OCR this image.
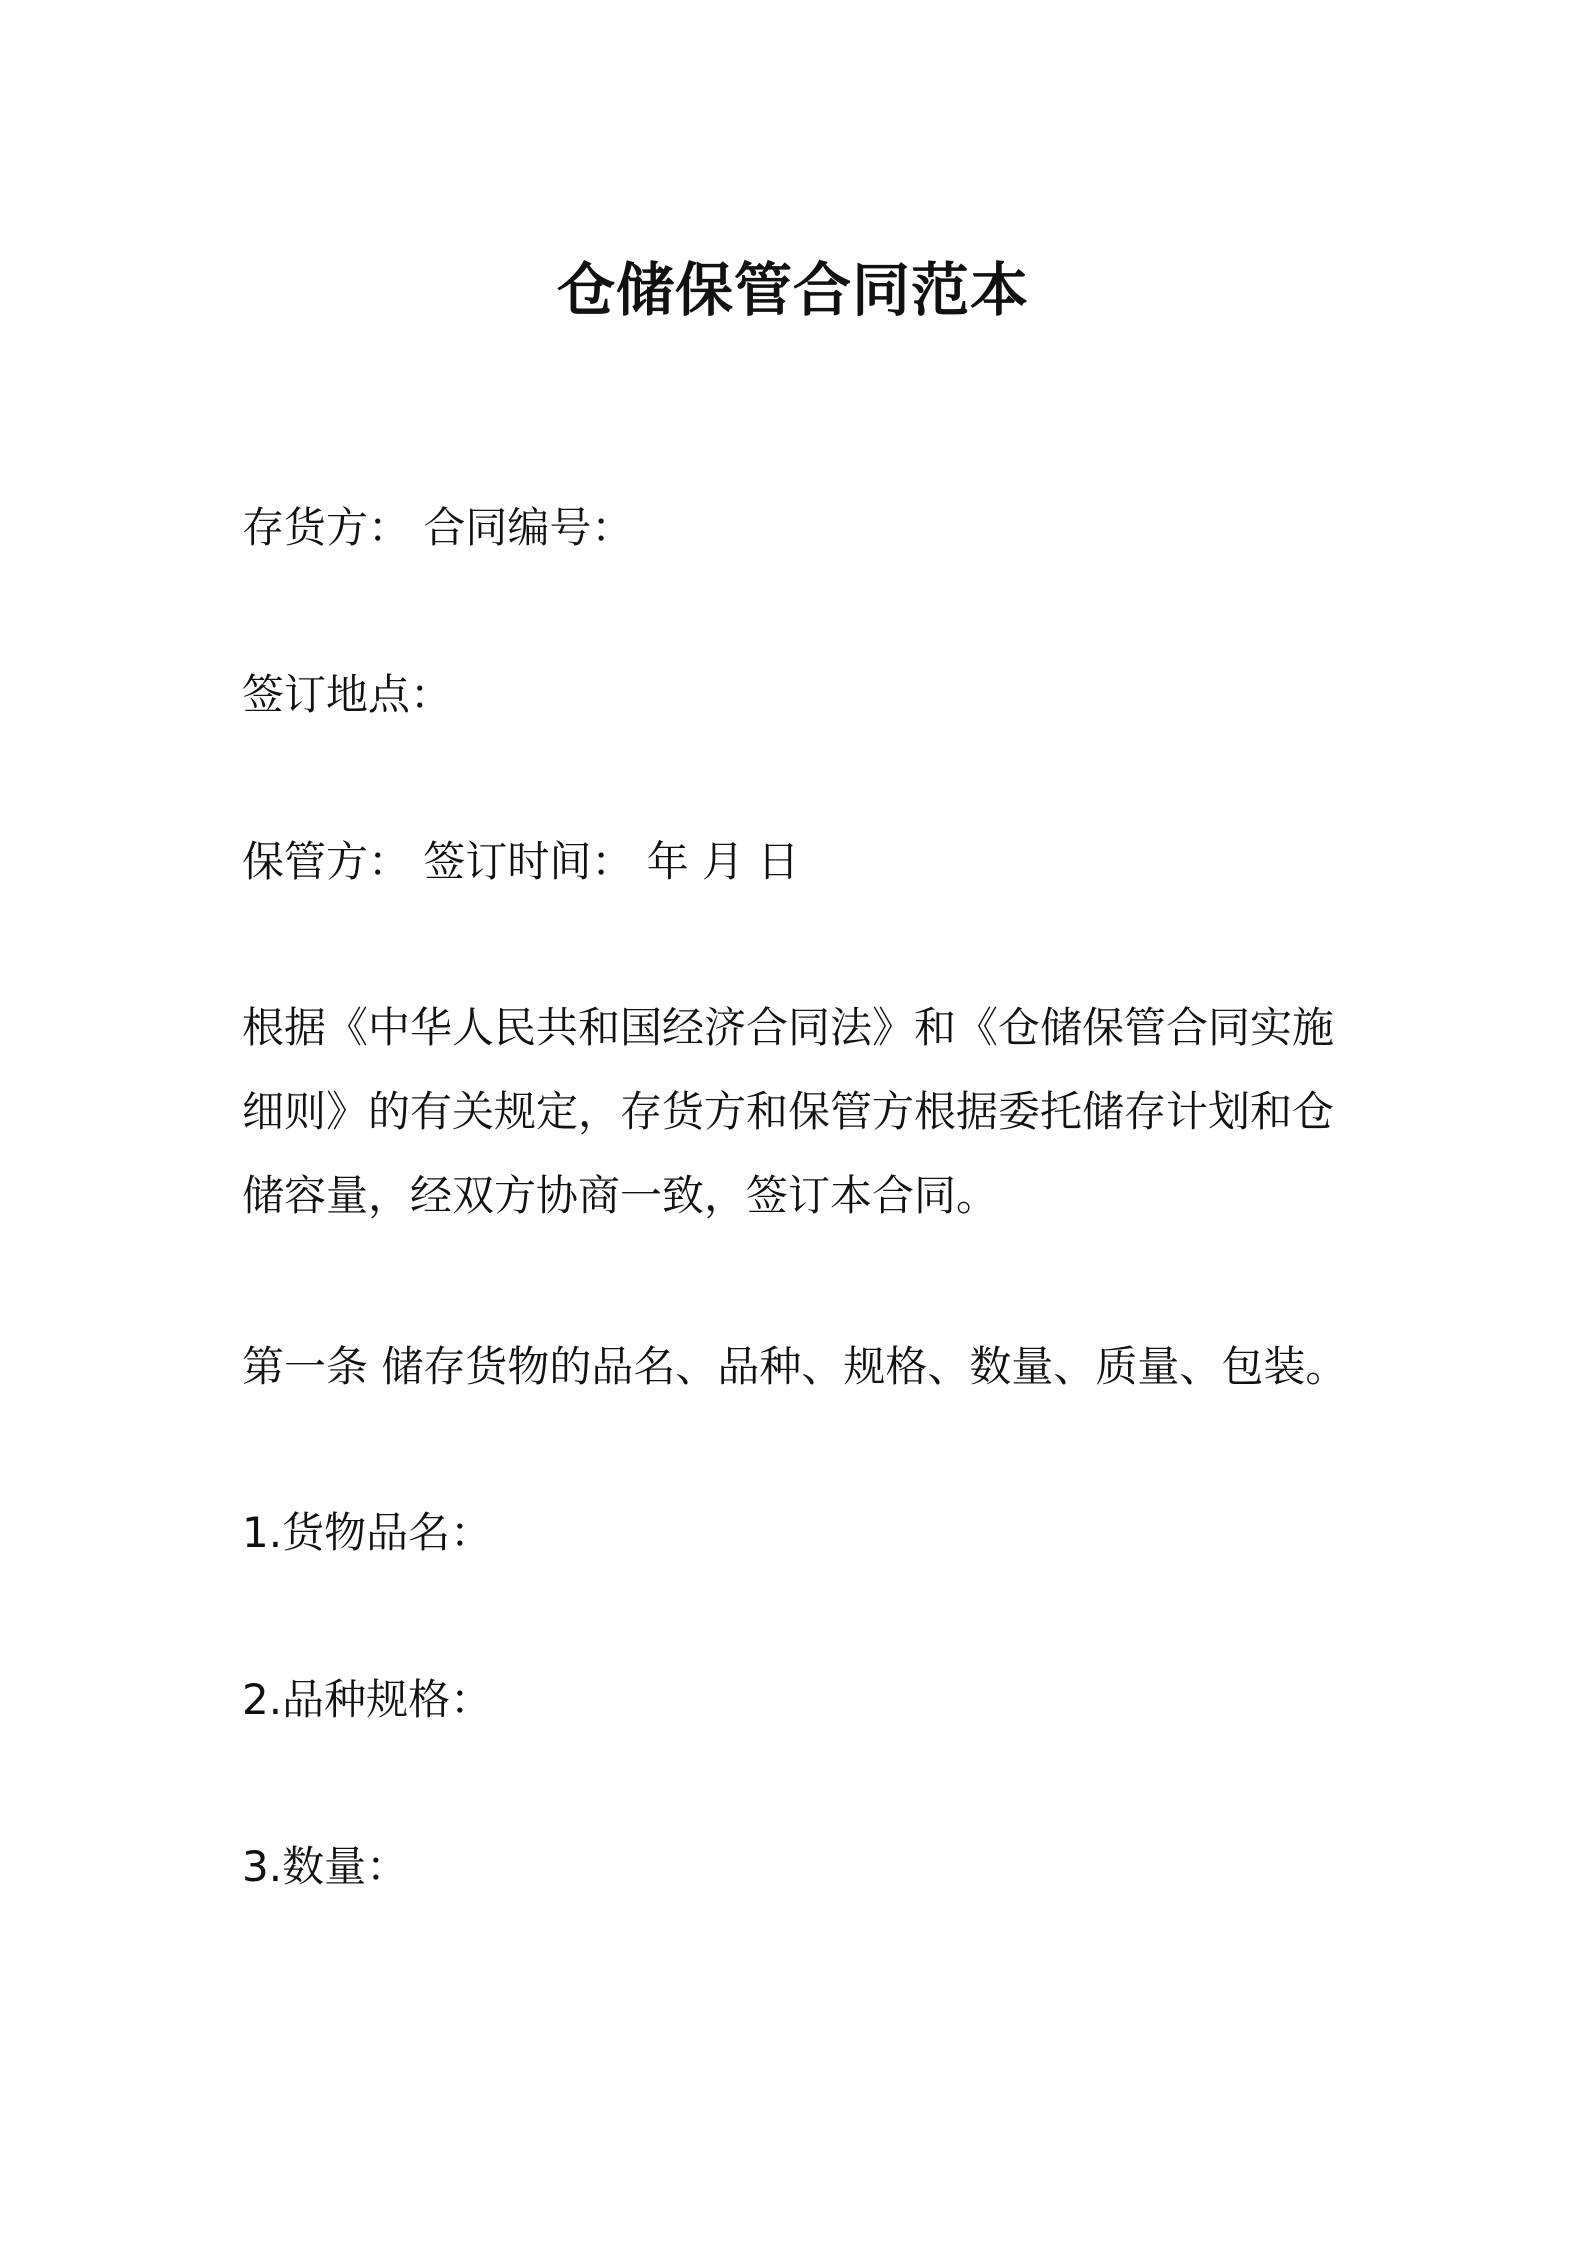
仓储保管合同范本
存货方： 合同编号：
签订地点：
保管方： 签订时间： 年 月 日
根据《中华人民共和国经济合同法》和《仓储保管合同实施
细则》的有关规定，存货方和保管方根据委托储存计划和仓
储容量，经双方协商一致，签订本合同。
第一条 储存货物的品名、品种、规格、数量、质量、包装。
1.货物品名：
2.品种规格：
3.数量：
